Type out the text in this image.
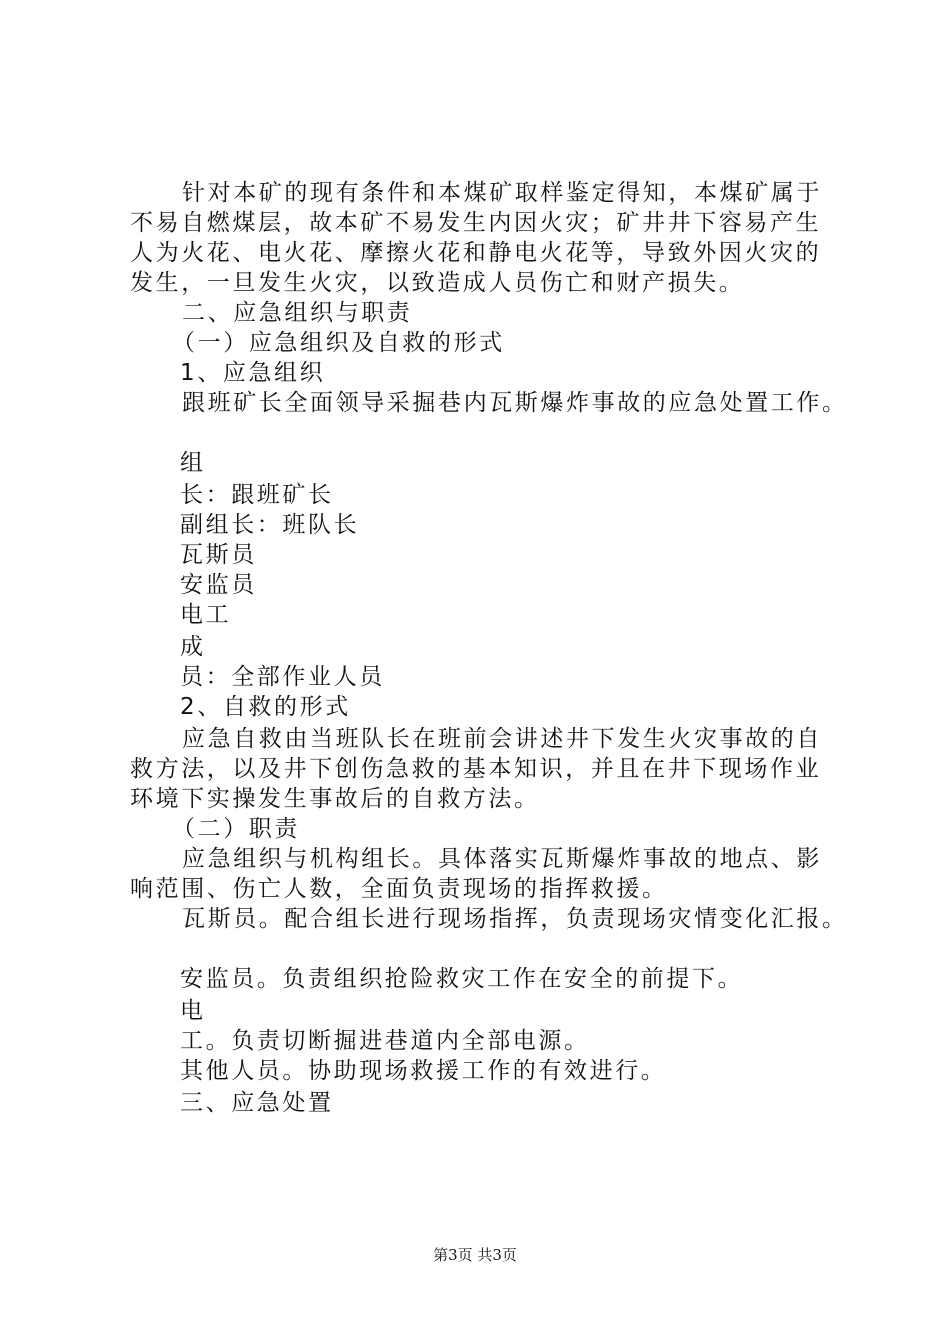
针对本矿的现有条件和本煤矿取样鉴定得知，本煤矿属于
不易自燃煤层，故本矿不易发生内因火灾；矿井井下容易产生
人为火花、电火花、摩擦火花和静电火花等，导致外因火灾的
发生，一旦发生火灾，以致造成人员伤亡和财产损失。
二、应急组织与职责
（一）应急组织及自救的形式
1、应急组织
跟班矿长全面领导采掘巷内瓦斯爆炸事故的应急处置工作。
组
长：跟班矿长
副组长：班队长
瓦斯员
安监员
电工
成
员：全部作业人员
2、自救的形式
应急自救由当班队长在班前会讲述井下发生火灾事故的自
救方法，以及井下创伤急救的基本知识，并且在井下现场作业
环境下实操发生事故后的自救方法。
（二）职责
应急组织与机构组长。具体落实瓦斯爆炸事故的地点、影
响范围、伤亡人数，全面负责现场的指挥救援。
瓦斯员。配合组长进行现场指挥，负责现场灾情变化汇报。
安监员。负责组织抢险救灾工作在安全的前提下。
电
工。负责切断掘进巷道内全部电源。
其他人员。协助现场救援工作的有效进行。
三、应急处置
第3页 共3页
